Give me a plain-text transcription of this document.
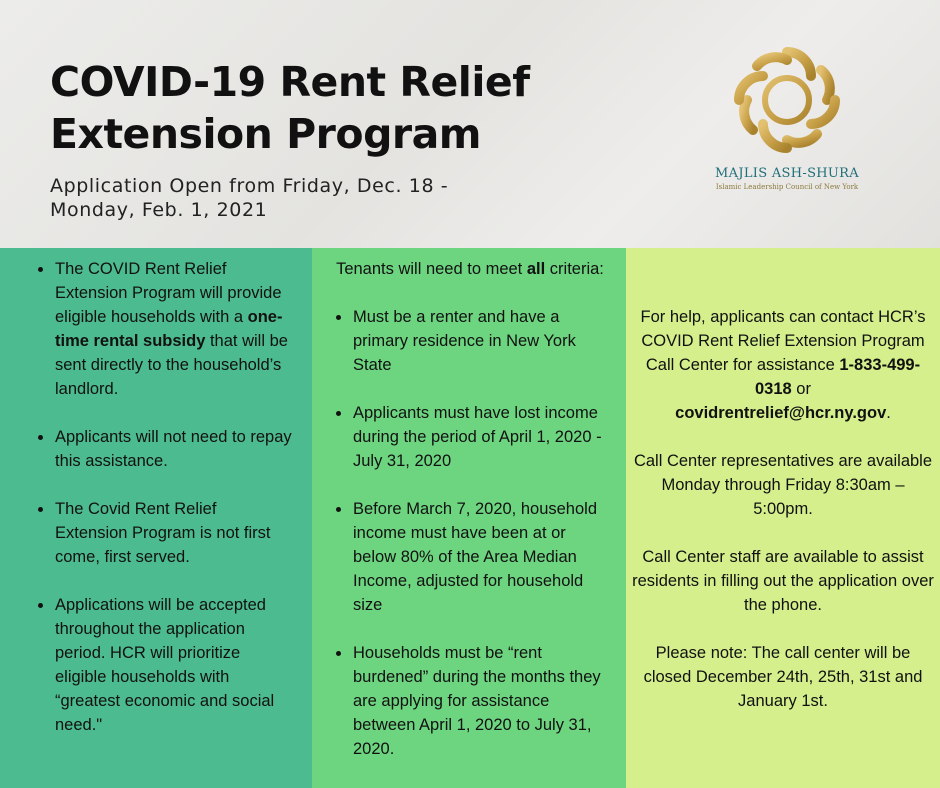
COVID-19 Rent Relief
Extension Program

Application Open from Friday, Dec. 18 -
Monday, Feb. 1, 2021

MAJLIS ASH-SHURA
Islamic Leadership Council of New York
• The COVID Rent Relief Extension Program will provide eligible households with a one-time rental subsidy that will be sent directly to the household’s landlord.
• Applicants will not need to repay this assistance.
• The Covid Rent Relief Extension Program is not first come, first served.
• Applications will be accepted throughout the application period. HCR will prioritize eligible households with “greatest economic and social need."

Tenants will need to meet all criteria:

• Must be a renter and have a primary residence in New York State
• Applicants must have lost income during the period of April 1, 2020 - July 31, 2020
• Before March 7, 2020, household income must have been at or below 80% of the Area Median Income, adjusted for household size
• Households must be “rent burdened” during the months they are applying for assistance between April 1, 2020 to July 31, 2020.

For help, applicants can contact HCR’s COVID Rent Relief Extension Program Call Center for assistance 1-833-499-0318 or
covidrentrelief@hcr.ny.gov.

Call Center representatives are available Monday through Friday 8:30am – 5:00pm.

Call Center staff are available to assist residents in filling out the application over the phone.

Please note: The call center will be closed December 24th, 25th, 31st and January 1st.
